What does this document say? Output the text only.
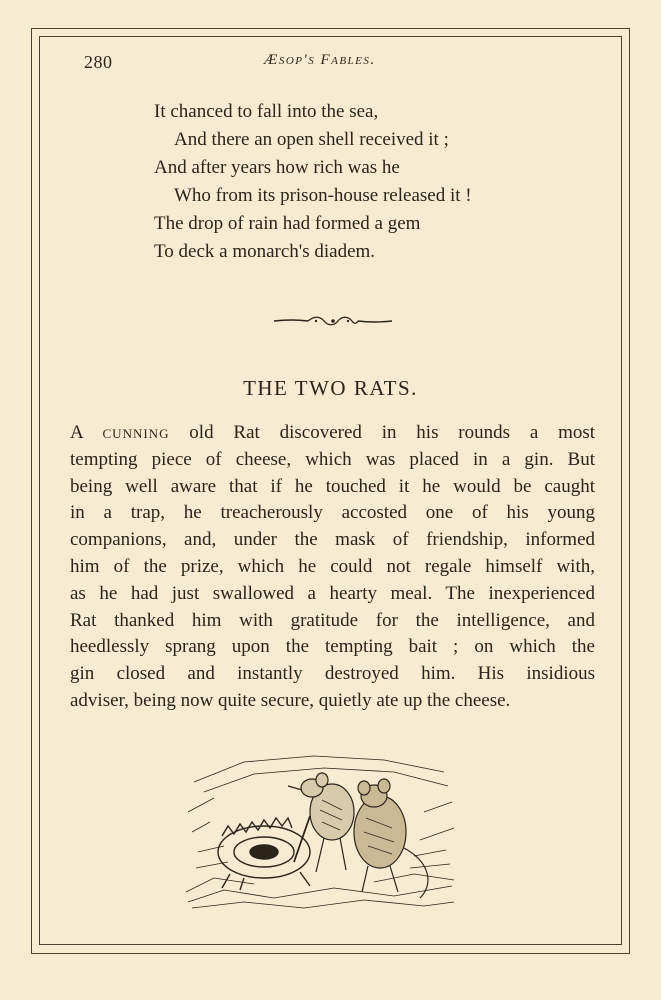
280	Æsop's Fables.
It chanced to fall into the sea,
And there an open shell received it ;
And after years how rich was he
Who from its prison-house released it !
The drop of rain had formed a gem
To deck a monarch's diadem.
THE TWO RATS.
A cunning old Rat discovered in his rounds a most
tempting piece of cheese, which was placed in a gin. But
being well aware that if he touched it he would be caught
in a trap, he treacherously accosted one of his young
companions, and, under the mask of friendship, informed
him of the prize, which he could not regale himself with,
as he had just swallowed a hearty meal. The inexperienced
Rat thanked him with gratitude for the intelligence, and
heedlessly sprang upon the tempting bait ; on which the
gin closed and instantly destroyed him. His insidious
adviser, being now quite secure, quietly ate up the cheese.
